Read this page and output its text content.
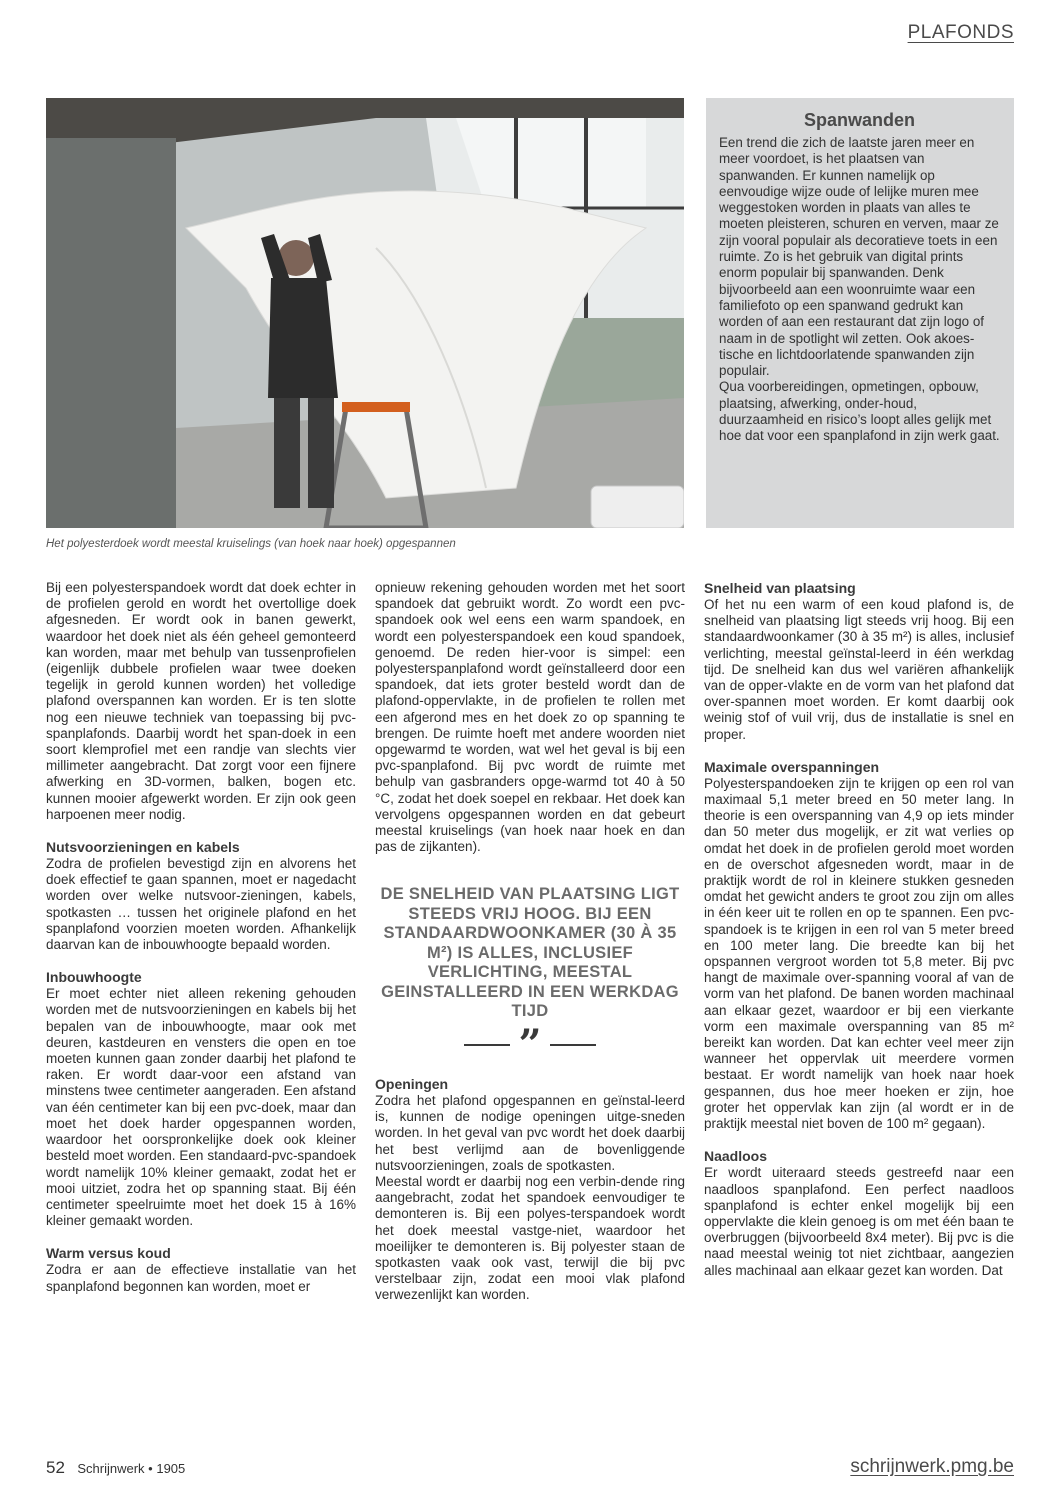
PLAFONDS
Het polyesterdoek wordt meestal kruiselings (van hoek naar hoek) opgespannen
Spanwanden

Een trend die zich de laatste jaren meer en meer voordoet, is het plaatsen van spanwanden. Er kunnen namelijk op eenvoudige wijze oude of lelijke muren mee weggestoken worden in plaats van alles te moeten pleisteren, schuren en verven, maar ze zijn vooral populair als decoratieve toets in een ruimte. Zo is het gebruik van digital prints enorm populair bij spanwanden. Denk bijvoorbeeld aan een woonruimte waar een familiefoto op een spanwand gedrukt kan worden of aan een restaurant dat zijn logo of naam in de spotlight wil zetten. Ook akoes-tische en lichtdoorlatende spanwanden zijn populair.

Qua voorbereidingen, opmetingen, opbouw, plaatsing, afwerking, onder-houd, duurzaamheid en risico’s loopt alles gelijk met hoe dat voor een spanplafond in zijn werk gaat.

Bij een polyesterspandoek wordt dat doek echter in de profielen gerold en wordt het overtollige doek afgesneden. Er wordt ook in banen gewerkt, waardoor het doek niet als één geheel gemonteerd kan worden, maar met behulp van tussenprofielen (eigenlijk dubbele profielen waar twee doeken tegelijk in gerold kunnen worden) het volledige plafond overspannen kan worden. Er is ten slotte nog een nieuwe techniek van toepassing bij pvc-spanplafonds. Daarbij wordt het span-doek in een soort klemprofiel met een randje van slechts vier millimeter aangebracht. Dat zorgt voor een fijnere afwerking en 3D-vormen, balken, bogen etc. kunnen mooier afgewerkt worden. Er zijn ook geen harpoenen meer nodig.

Nutsvoorzieningen en kabels

Zodra de profielen bevestigd zijn en alvorens het doek effectief te gaan spannen, moet er nagedacht worden over welke nutsvoor-zieningen, kabels, spotkasten … tussen het originele plafond en het spanplafond voorzien moeten worden. Afhankelijk daarvan kan de inbouwhoogte bepaald worden.

Inbouwhoogte

Er moet echter niet alleen rekening gehouden worden met de nutsvoorzieningen en kabels bij het bepalen van de inbouwhoogte, maar ook met deuren, kastdeuren en vensters die open en toe moeten kunnen gaan zonder daarbij het plafond te raken. Er wordt daar-voor een afstand van minstens twee centimeter aangeraden. Een afstand van één centimeter kan bij een pvc-doek, maar dan moet het doek harder opgespannen worden, waardoor het oorspronkelijke doek ook kleiner besteld moet worden. Een standaard-pvc-spandoek wordt namelijk 10% kleiner gemaakt, zodat het er mooi uitziet, zodra het op spanning staat. Bij één centimeter speelruimte moet het doek 15 à 16% kleiner gemaakt worden.

Warm versus koud

Zodra er aan de effectieve installatie van het spanplafond begonnen kan worden, moet er

opnieuw rekening gehouden worden met het soort spandoek dat gebruikt wordt. Zo wordt een pvc-spandoek ook wel eens een warm spandoek, en wordt een polyesterspandoek een koud spandoek, genoemd. De reden hier-voor is simpel: een polyesterspanplafond wordt geïnstalleerd door een spandoek, dat iets groter besteld wordt dan de plafond-oppervlakte, in de profielen te rollen met een afgerond mes en het doek zo op spanning te brengen. De ruimte hoeft met andere woorden niet opgewarmd te worden, wat wel het geval is bij een pvc-spanplafond. Bij pvc wordt de ruimte met behulp van gasbranders opge-warmd tot 40 à 50 °C, zodat het doek soepel en rekbaar. Het doek kan vervolgens opgespannen worden en dat gebeurt meestal kruiselings (van hoek naar hoek en dan pas de zijkanten).

DE SNELHEID VAN PLAATSING LIGT STEEDS VRIJ HOOG. BIJ EEN STANDAARDWOONKAMER (30 À 35 M²) IS ALLES, INCLUSIEF VERLICHTING, MEESTAL GEINSTALLEERD IN EEN WERKDAG TIJD
”
Openingen

Zodra het plafond opgespannen en geïnstal-leerd is, kunnen de nodige openingen uitge-sneden worden. In het geval van pvc wordt het doek daarbij het best verlijmd aan de bovenliggende nutsvoorzieningen, zoals de spotkasten.

Meestal wordt er daarbij nog een verbin-dende ring aangebracht, zodat het spandoek eenvoudiger te demonteren is. Bij een polyes-terspandoek wordt het doek meestal vastge-niet, waardoor het moeilijker te demonteren is. Bij polyester staan de spotkasten vaak ook vast, terwijl die bij pvc verstelbaar zijn, zodat een mooi vlak plafond verwezenlijkt kan worden.

Snelheid van plaatsing

Of het nu een warm of een koud plafond is, de snelheid van plaatsing ligt steeds vrij hoog. Bij een standaardwoonkamer (30 à 35 m²) is alles, inclusief verlichting, meestal geïnstal-leerd in één werkdag tijd. De snelheid kan dus wel variëren afhankelijk van de opper-vlakte en de vorm van het plafond dat over-spannen moet worden. Er komt daarbij ook weinig stof of vuil vrij, dus de installatie is snel en proper.

Maximale overspanningen

Polyesterspandoeken zijn te krijgen op een rol van maximaal 5,1 meter breed en 50 meter lang. In theorie is een overspanning van 4,9 op iets minder dan 50 meter dus mogelijk, er zit wat verlies op omdat het doek in de profielen gerold moet worden en de overschot afgesneden wordt, maar in de praktijk wordt de rol in kleinere stukken gesneden omdat het gewicht anders te groot zou zijn om alles in één keer uit te rollen en op te spannen. Een pvc-spandoek is te krijgen in een rol van 5 meter breed en 100 meter lang. Die breedte kan bij het opspannen vergroot worden tot 5,8 meter. Bij pvc hangt de maximale over-spanning vooral af van de vorm van het plafond. De banen worden machinaal aan elkaar gezet, waardoor er bij een vierkante vorm een maximale overspanning van 85 m² bereikt kan worden. Dat kan echter veel meer zijn wanneer het oppervlak uit meerdere vormen bestaat. Er wordt namelijk van hoek naar hoek gespannen, dus hoe meer hoeken er zijn, hoe groter het oppervlak kan zijn (al wordt er in de praktijk meestal niet boven de 100 m² gegaan).

Naadloos

Er wordt uiteraard steeds gestreefd naar een naadloos spanplafond. Een perfect naadloos spanplafond is echter enkel mogelijk bij een oppervlakte die klein genoeg is om met één baan te overbruggen (bijvoorbeeld 8x4 meter). Bij pvc is die naad meestal weinig tot niet zichtbaar, aangezien alles machinaal aan elkaar gezet kan worden. Dat

52 Schrijnwerk • 1905	schrijnwerk.pmg.be
